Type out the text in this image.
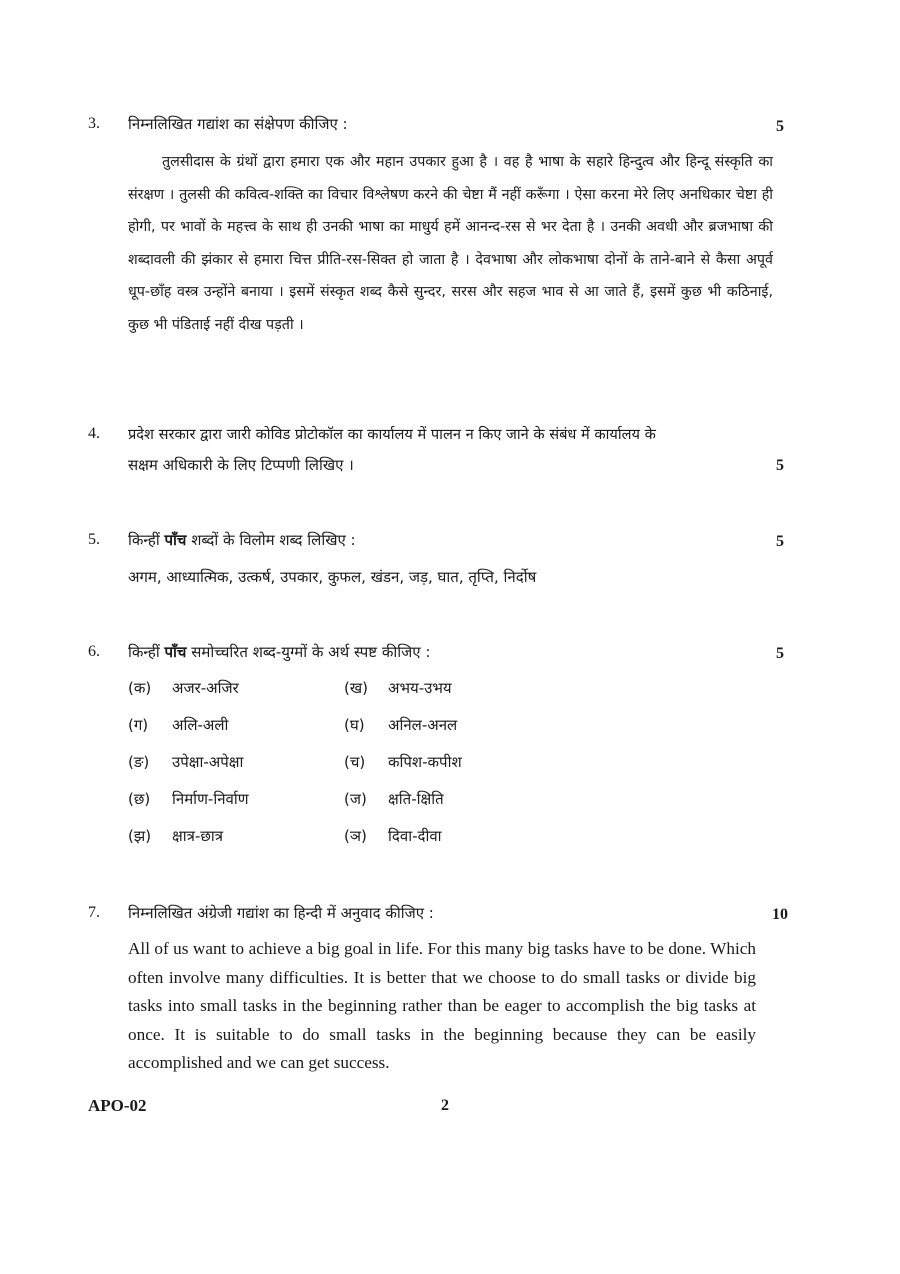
3. निम्नलिखित गद्यांश का संक्षेपण कीजिए :	5
तुलसीदास के ग्रंथों द्वारा हमारा एक और महान उपकार हुआ है । वह है भाषा के सहारे हिन्दुत्व और हिन्दू संस्कृति का संरक्षण । तुलसी की कवित्व-शक्ति का विचार विश्लेषण करने की चेष्टा मैं नहीं करूँगा । ऐसा करना मेरे लिए अनधिकार चेष्टा ही होगी, पर भावों के महत्त्व के साथ ही उनकी भाषा का माधुर्य हमें आनन्द-रस से भर देता है । उनकी अवधी और ब्रजभाषा की शब्दावली की झंकार से हमारा चित्त प्रीति-रस-सिक्त हो जाता है । देवभाषा और लोकभाषा दोनों के ताने-बाने से कैसा अपूर्व धूप-छाँह वस्त्र उन्होंने बनाया । इसमें संस्कृत शब्द कैसे सुन्दर, सरस और सहज भाव से आ जाते हैं, इसमें कुछ भी कठिनाई, कुछ भी पंडिताई नहीं दीख पड़ती ।
4. प्रदेश सरकार द्वारा जारी कोविड प्रोटोकॉल का कार्यालय में पालन न किए जाने के संबंध में कार्यालय के
सक्षम अधिकारी के लिए टिप्पणी लिखिए ।	5
5. किन्हीं पाँच शब्दों के विलोम शब्द लिखिए :	5
अगम, आध्यात्मिक, उत्कर्ष, उपकार, कुफल, खंडन, जड़, घात, तृप्ति, निर्दोष
6. किन्हीं पाँच समोच्चरित शब्द-युग्मों के अर्थ स्पष्ट कीजिए :	5
(क) अजर-अजिर	(ख) अभय-उभय
(ग) अलि-अली	(घ) अनिल-अनल
(ङ) उपेक्षा-अपेक्षा	(च) कपिश-कपीश
(छ) निर्माण-निर्वाण	(ज) क्षति-क्षिति
(झ) क्षात्र-छात्र	(ञ) दिवा-दीवा
7. निम्नलिखित अंग्रेजी गद्यांश का हिन्दी में अनुवाद कीजिए :	10
All of us want to achieve a big goal in life. For this many big tasks have to be done. Which often involve many difficulties. It is better that we choose to do small tasks or divide big tasks into small tasks in the beginning rather than be eager to accomplish the big tasks at once. It is suitable to do small tasks in the beginning because they can be easily accomplished and we can get success.
APO-02	2
